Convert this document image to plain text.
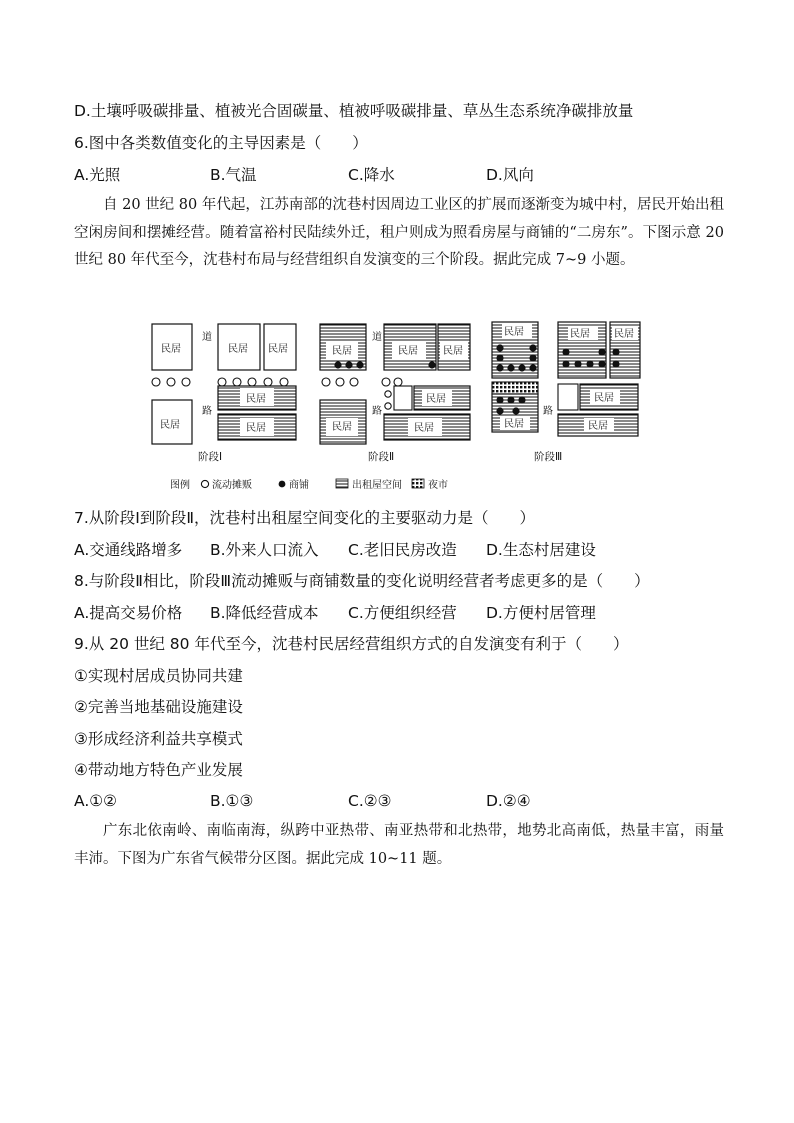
D.土壤呼吸碳排量、植被光合固碳量、植被呼吸碳排量、草丛生态系统净碳排放量
6.图中各类数值变化的主导因素是（　　）
A.光照	B.气温	C.降水	D.风向
自 20 世纪 80 年代起，江苏南部的沈巷村因周边工业区的扩展而逐渐变为城中村，居民开始出租空闲房间和摆摊经营。随着富裕村民陆续外迁，租户则成为照看房屋与商铺的“二房东”。下图示意 20 世纪 80 年代至今，沈巷村布局与经营组织自发演变的三个阶段。据此完成 7~9 小题。
民居	民居 民居
道
路
民居
民居
民居
阶段Ⅰ
民居
道
路
民居	民居
民居
民居
民居
阶段Ⅱ
民居	民居 民居
民居
路
民居
民居
阶段Ⅲ
图例 流动摊贩	商铺	出租屋空间	夜市
7.从阶段Ⅰ到阶段Ⅱ，沈巷村出租屋空间变化的主要驱动力是（　　）
A.交通线路增多 B.外来人口流入 C.老旧民房改造 D.生态村居建设
8.与阶段Ⅱ相比，阶段Ⅲ流动摊贩与商铺数量的变化说明经营者考虑更多的是（　　）
A.提高交易价格 B.降低经营成本 C.方便组织经营 D.方便村居管理
9.从 20 世纪 80 年代至今，沈巷村民居经营组织方式的自发演变有利于（　　）
①实现村居成员协同共建
②完善当地基础设施建设
③形成经济利益共享模式
④带动地方特色产业发展
A.①②	B.①③	C.②③	D.②④
广东北依南岭、南临南海，纵跨中亚热带、南亚热带和北热带，地势北高南低，热量丰富，雨量丰沛。下图为广东省气候带分区图。据此完成 10~11 题。
